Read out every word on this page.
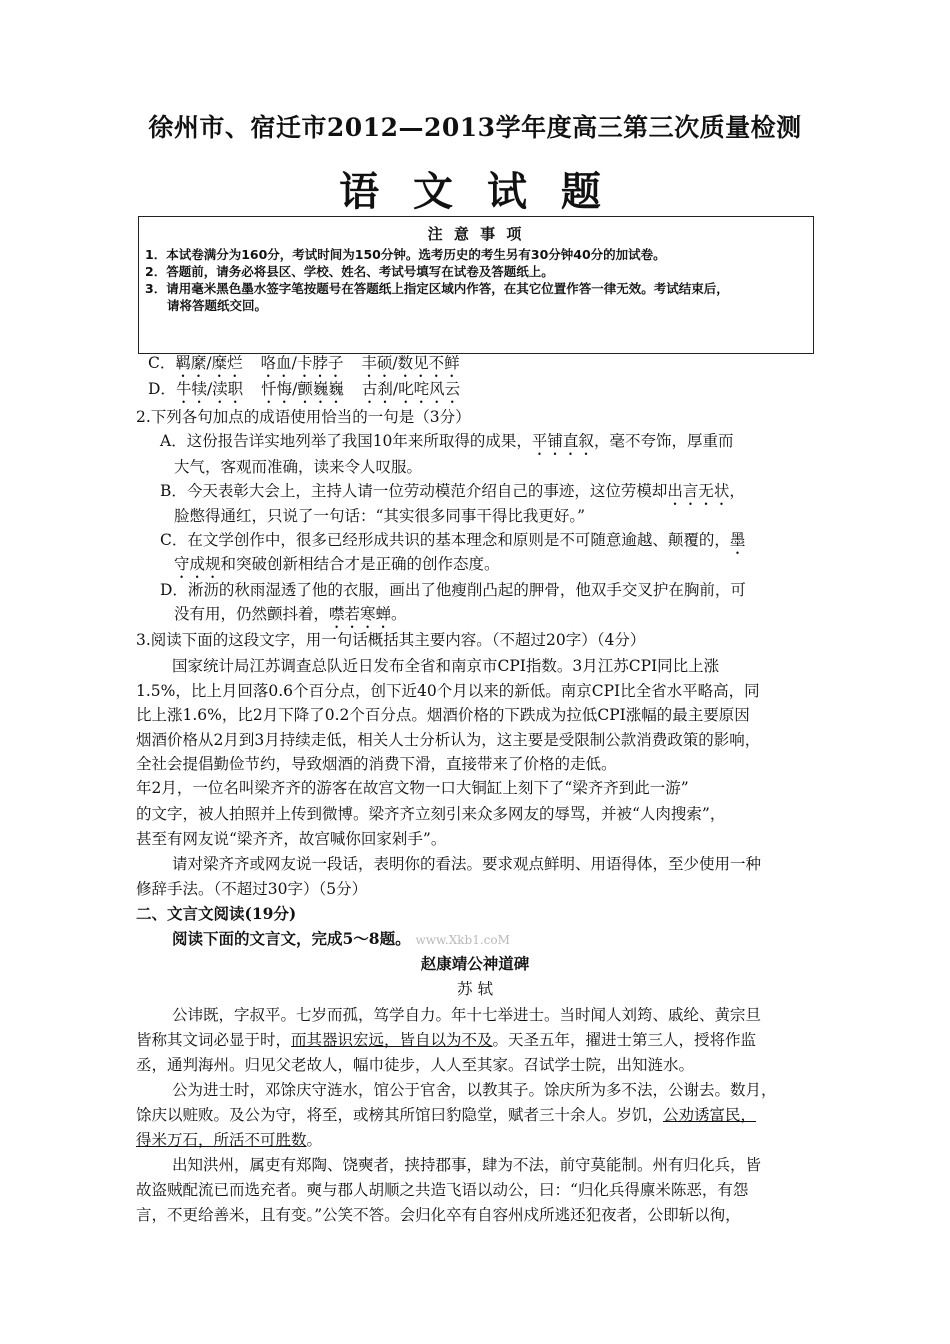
徐州市、宿迁市2012—2013学年度高三第三次质量检测
语 文 试 题
C．羁縻/糜烂 咯血/卡脖子 丰硕/数见不鲜
D．牛犊/渎职 忏悔/颤巍巍 古刹/叱咤风云
注 意 事 项
1．本试卷满分为160分，考试时间为150分钟。选考历史的考生另有30分钟40分的加试卷。
2．答题前，请务必将县区、学校、姓名、考试号填写在试卷及答题纸上。
3．请用毫米黑色墨水签字笔按题号在答题纸上指定区域内作答，在其它位置作答一律无效。考试结束后，
请将答题纸交回。
2.下列各句加点的成语使用恰当的一句是（3分）
A．这份报告详实地列举了我国10年来所取得的成果，平铺直叙，毫不夸饰，厚重而
大气，客观而准确，读来令人叹服。
B．今天表彰大会上，主持人请一位劳动模范介绍自己的事迹，这位劳模却出言无状，
脸憋得通红，只说了一句话：“其实很多同事干得比我更好。”
C．在文学创作中，很多已经形成共识的基本理念和原则是不可随意逾越、颠覆的，墨
守成规和突破创新相结合才是正确的创作态度。
D．淅沥的秋雨湿透了他的衣服，画出了他瘦削凸起的胛骨，他双手交叉护在胸前，可
没有用，仍然颤抖着，噤若寒蝉。
3.阅读下面的这段文字，用一句话概括其主要内容。（不超过20字）（4分）
国家统计局江苏调查总队近日发布全省和南京市CPI指数。3月江苏CPI同比上涨
1.5%，比上月回落0.6个百分点，创下近40个月以来的新低。南京CPI比全省水平略高，同
比上涨1.6%，比2月下降了0.2个百分点。烟酒价格的下跌成为拉低CPI涨幅的最主要原因
烟酒价格从2月到3月持续走低，相关人士分析认为，这主要是受限制公款消费政策的影响，
全社会提倡勤俭节约，导致烟酒的消费下滑，直接带来了价格的走低。
年2月，一位名叫梁齐齐的游客在故宫文物一口大铜缸上刻下了“梁齐齐到此一游”
的文字，被人拍照并上传到微博。梁齐齐立刻引来众多网友的辱骂，并被“人肉搜索”，
甚至有网友说“梁齐齐，故宫喊你回家剁手”。
请对梁齐齐或网友说一段话，表明你的看法。要求观点鲜明、用语得体，至少使用一种
修辞手法。（不超过30字）（5分）
二、文言文阅读(19分)
阅读下面的文言文，完成5～8题。 www.Xkb1.coM
赵康靖公神道碑
苏 轼
公讳既，字叔平。七岁而孤，笃学自力。年十七举进士。当时闻人刘筠、戚纶、黄宗旦
皆称其文词必显于时，而其器识宏远，皆自以为不及。天圣五年，擢进士第三人，授将作监
丞，通判海州。归见父老故人，幅巾徒步，人人至其家。召试学士院，出知涟水。
公为进士时，邓馀庆守涟水，馆公于官舍，以教其子。馀庆所为多不法，公谢去。数月，
馀庆以赃败。及公为守，将至，或榜其所馆曰豹隐堂，赋者三十余人。岁饥，公劝诱富民，
得米万石，所活不可胜数。
出知洪州，属吏有郑陶、饶奭者，挟持郡事，肆为不法，前守莫能制。州有归化兵，皆
故盗贼配流已而选充者。奭与郡人胡顺之共造飞语以动公，曰：“归化兵得廪米陈恶，有怨
言，不更给善米，且有变。”公笑不答。会归化卒有自容州戍所逃还犯夜者，公即斩以徇，
